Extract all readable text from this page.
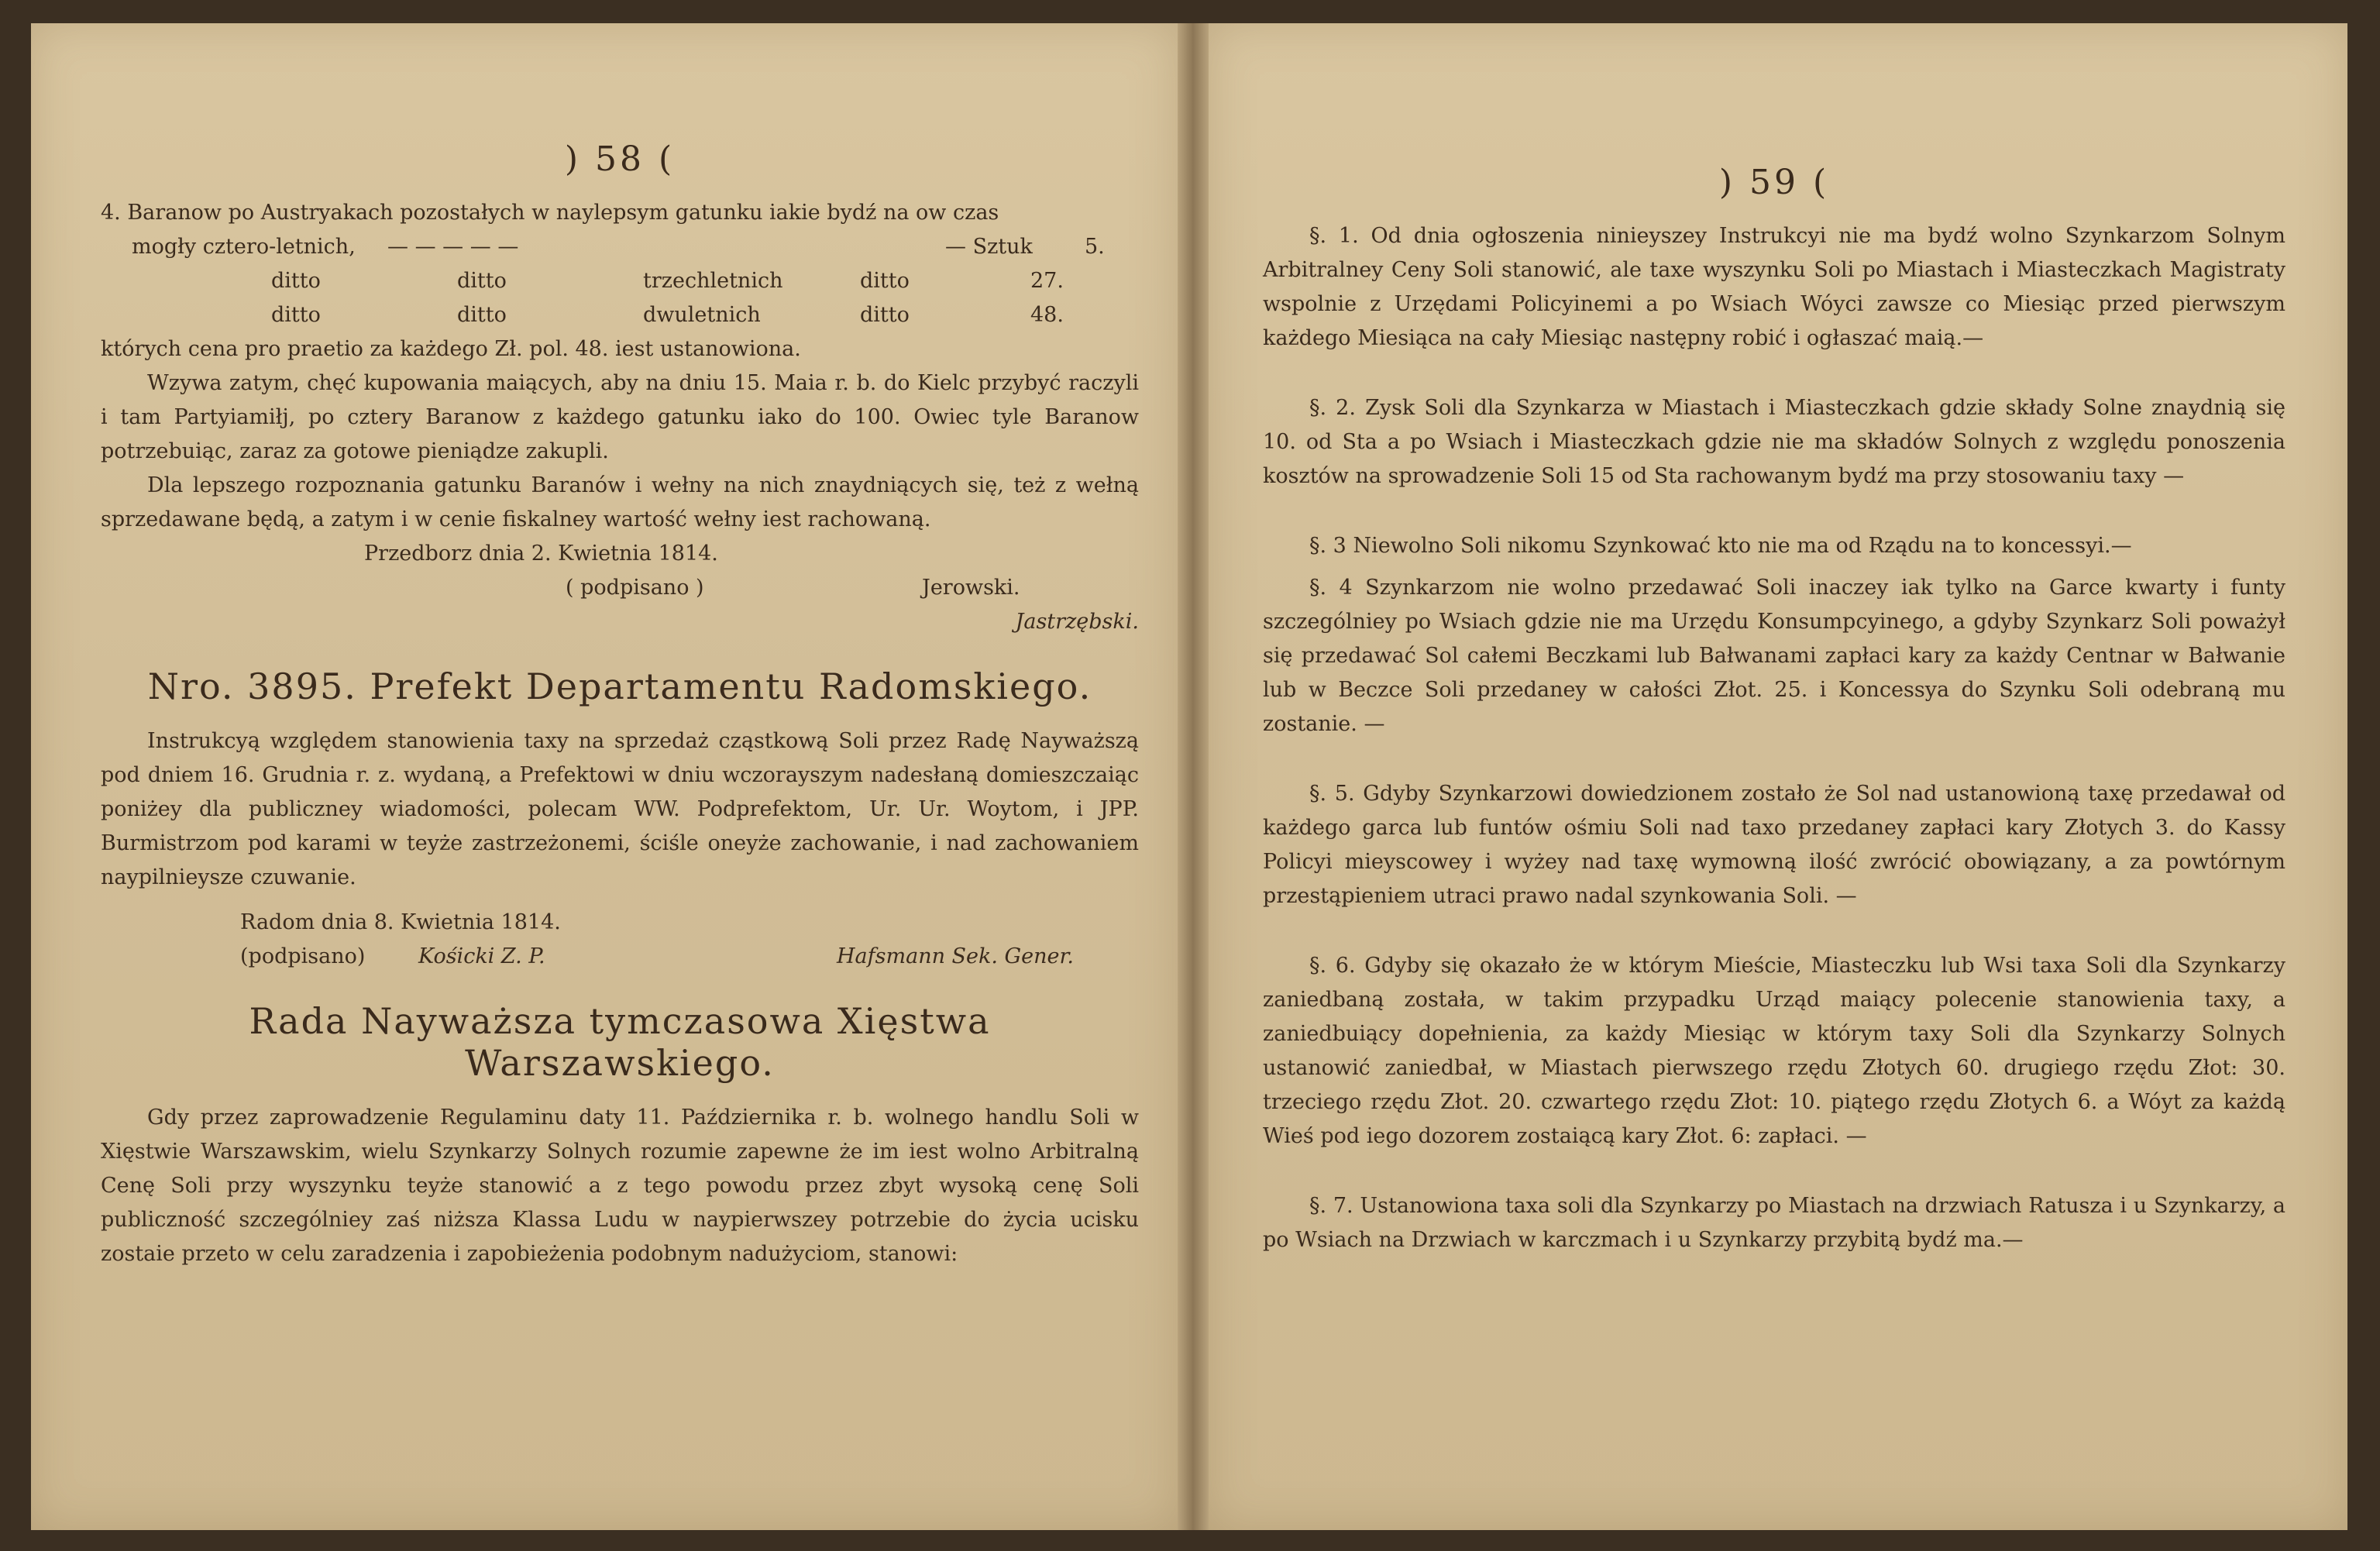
) 58 (

4. Baranow po Austryakach pozostałych w naylepsym gatunku iakie bydź na ow czas

mogły cztero-letnich,	— — — — —	— Sztuk	5.
ditto	ditto	trzechletnich	ditto	27.
ditto	ditto	dwuletnich	ditto	48.

których cena pro praetio za każdego Zł. pol. 48. iest ustanowiona.

Wzywa zatym, chęć kupowania maiących, aby na dniu 15. Maia r. b. do Kielc przybyć raczyli i tam Partyiamiłj, po cztery Baranow z każdego gatunku iako do 100. Owiec tyle Baranow potrzebuiąc, zaraz za gotowe pieniądze zakupli.

Dla lepszego rozpoznania gatunku Baranów i wełny na nich znaydniących się, też z wełną sprzedawane będą, a zatym i w cenie fiskalney wartość wełny iest rachowaną.

Przedborz dnia 2. Kwietnia 1814.
( podpisano )	Jerowski.
Jastrzębski.
Nro. 3895. Prefekt Departamentu Radomskiego.

Instrukcyą względem stanowienia taxy na sprzedaż cząstkową Soli przez Radę Nayważszą pod dniem 16. Grudnia r. z. wydaną, a Prefektowi w dniu wczorayszym nadesłaną domieszczaiąc poniżey dla publiczney wiadomości, polecam WW. Podprefektom, Ur. Ur. Woytom, i JPP. Burmistrzom pod karami w teyże zastrzeżonemi, ściśle oneyże zachowanie, i nad zachowaniem naypilnieysze czuwanie.

Radom dnia 8. Kwietnia 1814.
(podpisano)	Kośicki Z. P.	Hafsmann Sek. Gener.
Rada Nayważsza tymczasowa Xięstwa Warszawskiego.

Gdy przez zaprowadzenie Regulaminu daty 11. Października r. b. wolnego handlu Soli w Xięstwie Warszawskim, wielu Szynkarzy Solnych rozumie zapewne że im iest wolno Arbitralną Cenę Soli przy wyszynku teyże stanowić a z tego powodu przez zbyt wysoką cenę Soli publiczność szczególniey zaś niższa Klassa Ludu w naypierwszey potrzebie do życia ucisku zostaie przeto w celu zaradzenia i zapobieżenia podobnym nadużyciom, stanowi:

) 59 (

§. 1. Od dnia ogłoszenia ninieyszey Instrukcyi nie ma bydź wolno Szynkarzom Solnym Arbitralney Ceny Soli stanowić, ale taxe wyszynku Soli po Miastach i Miasteczkach Magistraty wspolnie z Urzędami Policyinemi a po Wsiach Wóyci zawsze co Miesiąc przed pierwszym każdego Miesiąca na cały Miesiąc następny robić i ogłaszać maią.—

§. 2. Zysk Soli dla Szynkarza w Miastach i Miasteczkach gdzie składy Solne znaydnią się 10. od Sta a po Wsiach i Miasteczkach gdzie nie ma składów Solnych z względu ponoszenia kosztów na sprowadzenie Soli 15 od Sta rachowanym bydź ma przy stosowaniu taxy —

§. 3 Niewolno Soli nikomu Szynkować kto nie ma od Rządu na to koncessyi.—

§. 4 Szynkarzom nie wolno przedawać Soli inaczey iak tylko na Garce kwarty i funty szczególniey po Wsiach gdzie nie ma Urzędu Konsumpcyinego, a gdyby Szynkarz Soli poważył się przedawać Sol całemi Beczkami lub Bałwanami zapłaci kary za każdy Centnar w Bałwanie lub w Beczce Soli przedaney w całości Złot. 25. i Koncessya do Szynku Soli odebraną mu zostanie. —

§. 5. Gdyby Szynkarzowi dowiedzionem zostało że Sol nad ustanowioną taxę przedawał od każdego garca lub funtów ośmiu Soli nad taxo przedaney zapłaci kary Złotych 3. do Kassy Policyi mieyscowey i wyżey nad taxę wymowną ilość zwrócić obowiązany, a za powtórnym przestąpieniem utraci prawo nadal szynkowania Soli. —

§. 6. Gdyby się okazało że w którym Mieście, Miasteczku lub Wsi taxa Soli dla Szynkarzy zaniedbaną została, w takim przypadku Urząd maiący polecenie stanowienia taxy, a zaniedbuiący dopełnienia, za każdy Miesiąc w którym taxy Soli dla Szynkarzy Solnych ustanowić zaniedbał, w Miastach pierwszego rzędu Złotych 60. drugiego rzędu Złot: 30. trzeciego rzędu Złot. 20. czwartego rzędu Złot: 10. piątego rzędu Złotych 6. a Wóyt za każdą Wieś pod iego dozorem zostaiącą kary Złot. 6: zapłaci. —

§. 7. Ustanowiona taxa soli dla Szynkarzy po Miastach na drzwiach Ratusza i u Szynkarzy, a po Wsiach na Drzwiach w karczmach i u Szynkarzy przybitą bydź ma.—
